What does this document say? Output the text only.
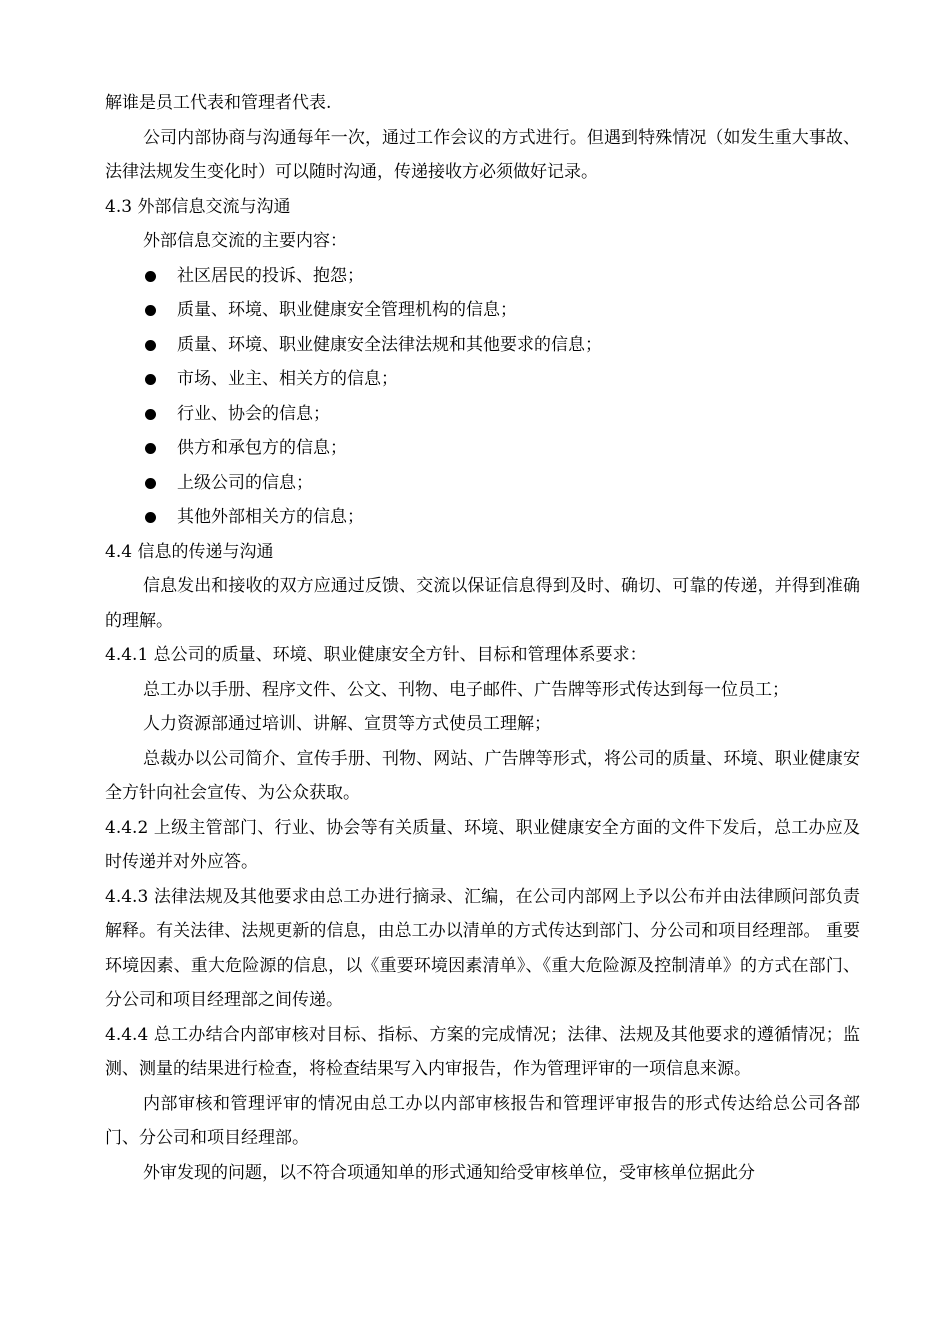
解谁是员工代表和管理者代表.

公司内部协商与沟通每年一次，通过工作会议的方式进行。但遇到特殊情况（如发生重大事故、法律法规发生变化时）可以随时沟通，传递接收方必须做好记录。

4.3 外部信息交流与沟通

外部信息交流的主要内容：

社区居民的投诉、抱怨；
质量、环境、职业健康安全管理机构的信息；
质量、环境、职业健康安全法律法规和其他要求的信息；
市场、业主、相关方的信息；
行业、协会的信息；
供方和承包方的信息；
上级公司的信息；
其他外部相关方的信息；

4.4 信息的传递与沟通

信息发出和接收的双方应通过反馈、交流以保证信息得到及时、确切、可靠的传递，并得到准确的理解。

4.4.1 总公司的质量、环境、职业健康安全方针、目标和管理体系要求：

总工办以手册、程序文件、公文、刊物、电子邮件、广告牌等形式传达到每一位员工；

人力资源部通过培训、讲解、宣贯等方式使员工理解；

总裁办以公司简介、宣传手册、刊物、网站、广告牌等形式，将公司的质量、环境、职业健康安全方针向社会宣传、为公众获取。

4.4.2 上级主管部门、行业、协会等有关质量、环境、职业健康安全方面的文件下发后，总工办应及时传递并对外应答。

4.4.3 法律法规及其他要求由总工办进行摘录、汇编，在公司内部网上予以公布并由法律顾问部负责解释。有关法律、法规更新的信息，由总工办以清单的方式传达到部门、分公司和项目经理部。 重要环境因素、重大危险源的信息，以《重要环境因素清单》、《重大危险源及控制清单》的方式在部门、分公司和项目经理部之间传递。

4.4.4 总工办结合内部审核对目标、指标、方案的完成情况；法律、法规及其他要求的遵循情况；监测、测量的结果进行检查，将检查结果写入内审报告，作为管理评审的一项信息来源。

内部审核和管理评审的情况由总工办以内部审核报告和管理评审报告的形式传达给总公司各部门、分公司和项目经理部。

外审发现的问题，以不符合项通知单的形式通知给受审核单位，受审核单位据此分
